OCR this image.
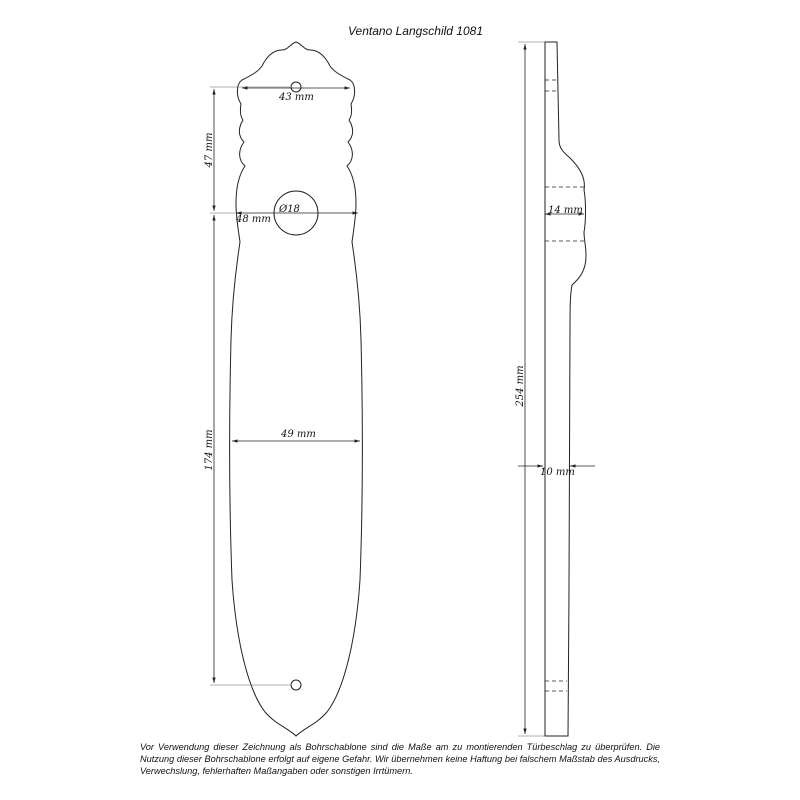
Ventano Langschild 1081
43 mm
47 mm
48 mm
Ø18
49 mm
174 mm
254 mm
14 mm
10 mm
Vor Verwendung dieser Zeichnung als Bohrschablone sind die Maße am zu montierenden Türbeschlag zu überprüfen. Die Nutzung dieser Bohrschablone erfolgt auf eigene Gefahr. Wir übernehmen keine Haftung bei falschem Maßstab des Ausdrucks, Verwechslung, fehlerhaften Maßangaben oder sonstigen Irrtümern.
